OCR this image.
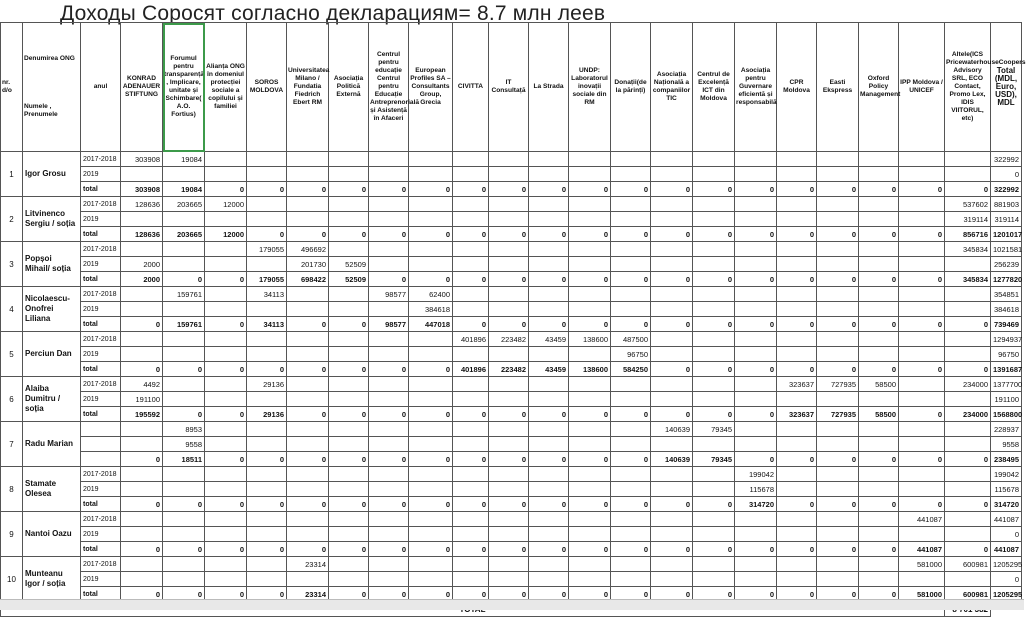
Доходы Соросят согласно декларациям= 8.7 млн леев
nr. d/o	Denumirea ONG
Numele , Prenumele	anul	KONRAD ADENAUER STIFTUNG	Forumul pentru transparență , Implicare, unitate și Schimbare( A.O. Fortius)	Alianța ONG în domeniul protecției sociale a copilului și familiei	SOROS MOLDOVA	Universitatea Milano / Fundatia Fiedrich Ebert RM	Asociația Politică Externă	Centrul pentru educație Centrul pentru Educație Antreprenorială și Asistență în Afaceri	European Profiles SA – Consultants Group, Grecia	CIVITTA	IT Consultață	La Strada	UNDP: Laboratorul inovații sociale din RM	Donații(de la părinți)	Asociația Națională a companiilor TIC	Centrul de Excelență ICT din Moldova	Asociația pentru Guvernare eficientă și responsabilă	CPR Moldova	Easti Ekspress	Oxford Policy Management	IPP Moldova / UNICEF	Altele(ICS PricewaterhouseCoopers Advisory SRL, ECO Contact, Promo Lex, IDIS VIITORUL, etc)	Total (MDL, Euro, USD), MDL
1	Igor Grosu	2017-2018	303908	19084																				322992
		2019																						0
		total	303908	19084	0	0	0	0	0	0	0	0	0	0	0	0	0	0	0	0	0	0	0	322992
2	Litvinenco Sergiu / soția	2017-2018	128636	203665	12000																		537602	881903
		2019																					319114	319114
		total	128636	203665	12000	0	0	0	0	0	0	0	0	0	0	0	0	0	0	0	0	0	856716	1201017
3	Popșoi Mihail/ soția	2017-2018				179055	496692																345834	1021581
		2019	2000				201730	52509																256239
		total	2000	0	0	179055	698422	52509	0	0	0	0	0	0	0	0	0	0	0	0	0	0	345834	1277820
4	Nicolaescu-Onofrei Liliana	2017-2018		159761		34113			98577	62400														354851
		2019								384618														384618
		total	0	159761	0	34113	0	0	98577	447018	0	0	0	0	0	0	0	0	0	0	0	0	0	739469
5	Perciun Dan	2017-2018									401896	223482	43459	138600	487500									1294937
		2019													96750									96750
		total	0	0	0	0	0	0	0	0	401896	223482	43459	138600	584250	0	0	0	0	0	0	0	0	1391687
6	Alaiba Dumitru / soția	2017-2018	4492			29136													323637	727935	58500		234000	1377700
		2019	191100																					191100
		total	195592	0	0	29136	0	0	0	0	0	0	0	0	0	0	0	0	323637	727935	58500	0	234000	1568800
7	Radu Marian			8953												140639	79345							228937
				9558																				9558
			0	18511	0	0	0	0	0	0	0	0	0	0	0	140639	79345	0	0	0	0	0	0	238495
8	Stamate Olesea	2017-2018																199042						199042
		2019																115678						115678
		total	0	0	0	0	0	0	0	0	0	0	0	0	0	0	0	314720	0	0	0	0	0	314720
9	Nantoi Oazu	2017-2018																				441087		441087
		2019																						0
		total	0	0	0	0	0	0	0	0	0	0	0	0	0	0	0	0	0	0	0	441087	0	441087
10	Munteanu Igor / soția	2017-2018					23314															581000	600981	1205295
		2019																						0
		total	0	0	0	0	23314	0	0	0	0	0	0	0	0	0	0	0	0	0	0	581000	600981	1205295
